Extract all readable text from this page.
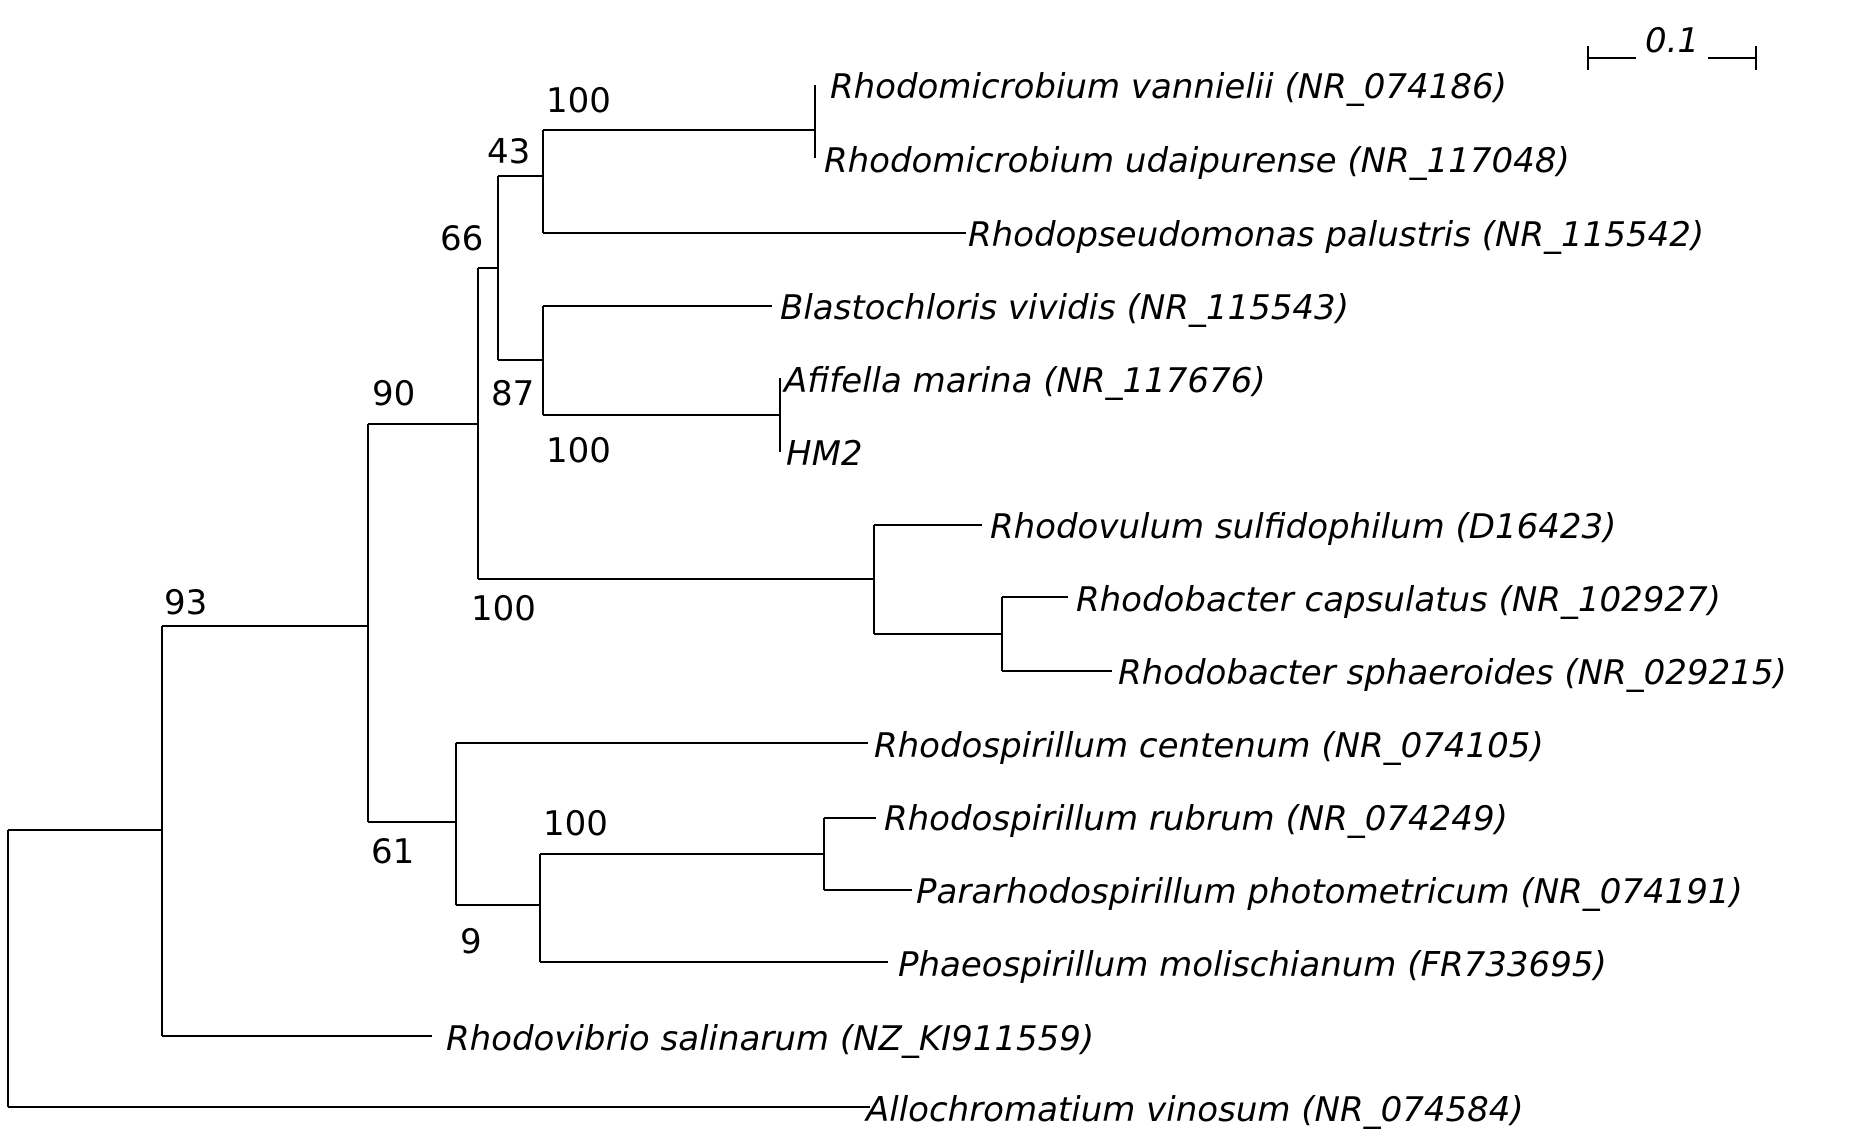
0.1
Rhodomicrobium vannielii (NR_074186)
Rhodomicrobium udaipurense (NR_117048)
Rhodopseudomonas palustris (NR_115542)
Blastochloris vividis (NR_115543)
Afifella marina (NR_117676)
HM2
Rhodovulum sulfidophilum (D16423)
Rhodobacter capsulatus (NR_102927)
Rhodobacter sphaeroides (NR_029215)
Rhodospirillum centenum (NR_074105)
Rhodospirillum rubrum (NR_074249)
Pararhodospirillum photometricum (NR_074191)
Phaeospirillum molischianum (FR733695)
Rhodovibrio salinarum (NZ_KI911559)
Allochromatium vinosum (NR_074584)
100
43
66
87
100
100
90
61
100
9
93
